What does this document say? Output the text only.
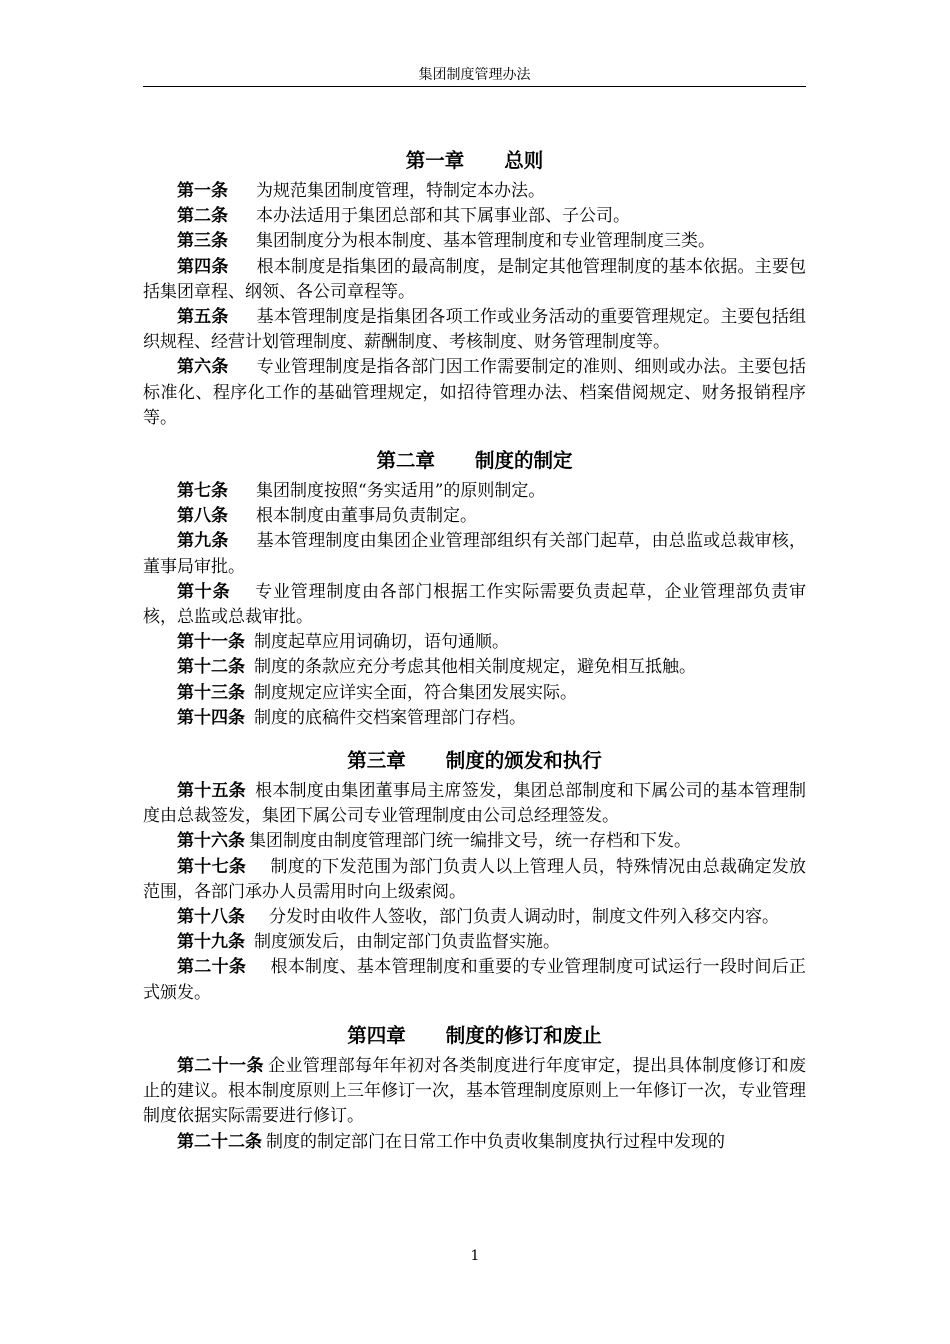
集团制度管理办法
第一章 总则

第一条 为规范集团制度管理，特制定本办法。

第二条 本办法适用于集团总部和其下属事业部、子公司。

第三条 集团制度分为根本制度、基本管理制度和专业管理制度三类。

第四条 根本制度是指集团的最高制度，是制定其他管理制度的基本依据。主要包括集团章程、纲领、各公司章程等。

第五条 基本管理制度是指集团各项工作或业务活动的重要管理规定。主要包括组织规程、经营计划管理制度、薪酬制度、考核制度、财务管理制度等。

第六条 专业管理制度是指各部门因工作需要制定的准则、细则或办法。主要包括标准化、程序化工作的基础管理规定，如招待管理办法、档案借阅规定、财务报销程序等。

第二章 制度的制定

第七条 集团制度按照“务实适用”的原则制定。

第八条 根本制度由董事局负责制定。

第九条 基本管理制度由集团企业管理部组织有关部门起草，由总监或总裁审核，董事局审批。

第十条 专业管理制度由各部门根据工作实际需要负责起草，企业管理部负责审核，总监或总裁审批。

第十一条 制度起草应用词确切，语句通顺。

第十二条 制度的条款应充分考虑其他相关制度规定，避免相互抵触。

第十三条 制度规定应详实全面，符合集团发展实际。

第十四条 制度的底稿件交档案管理部门存档。

第三章 制度的颁发和执行

第十五条 根本制度由集团董事局主席签发，集团总部制度和下属公司的基本管理制度由总裁签发，集团下属公司专业管理制度由公司总经理签发。

第十六条 集团制度由制度管理部门统一编排文号，统一存档和下发。

第十七条 制度的下发范围为部门负责人以上管理人员，特殊情况由总裁确定发放范围，各部门承办人员需用时向上级索阅。

第十八条 分发时由收件人签收，部门负责人调动时，制度文件列入移交内容。

第十九条 制度颁发后，由制定部门负责监督实施。

第二十条 根本制度、基本管理制度和重要的专业管理制度可试运行一段时间后正式颁发。

第四章 制度的修订和废止

第二十一条 企业管理部每年年初对各类制度进行年度审定，提出具体制度修订和废止的建议。根本制度原则上三年修订一次，基本管理制度原则上一年修订一次，专业管理制度依据实际需要进行修订。

第二十二条 制度的制定部门在日常工作中负责收集制度执行过程中发现的

1
